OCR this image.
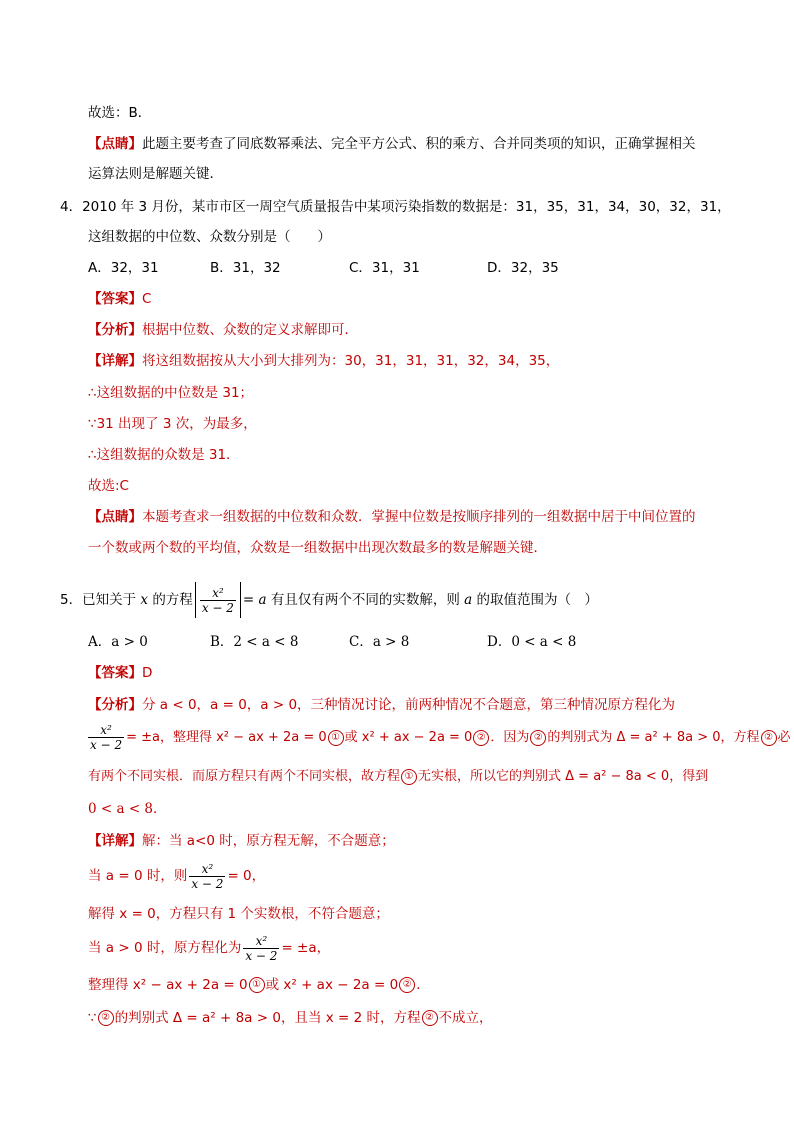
故选：B．
【点睛】此题主要考查了同底数幂乘法、完全平方公式、积的乘方、合并同类项的知识，正确掌握相关
运算法则是解题关键．
4．2010 年 3 月份，某市市区一周空气质量报告中某项污染指数的数据是：31，35，31，34，30，32，31，
这组数据的中位数、众数分别是（　　）
A．32，31	B．31，32	C．31，31	D．32，35
【答案】C
【分析】根据中位数、众数的定义求解即可．
【详解】将这组数据按从大小到大排列为：30，31，31，31，32，34，35，
∴这组数据的中位数是 31；
∵31 出现了 3 次，为最多，
∴这组数据的众数是 31．
故选:C
【点睛】本题考查求一组数据的中位数和众数．掌握中位数是按顺序排列的一组数据中居于中间位置的
一个数或两个数的平均值，众数是一组数据中出现次数最多的数是解题关键．
5．已知关于 x 的方程 $\frac{\text{x²}}{x - 2} = a$ 有且仅有两个不同的实数解，则 a 的取值范围为（　）
A．a > 0	B．2 < a < 8	C．a > 8	D．0 < a < 8
【答案】D
【分析】分 a < 0，a = 0，a > 0，三种情况讨论，前两种情况不合题意，第三种情况原方程化为
$\frac{\text{x²}}{x - 2} = \pm a$，整理得 x² − ax + 2a = 0 ① 或 x² + ax − 2a = 0 ② ．因为 ② 的判别式为 Δ = a² + 8a > 0，方程 ② 必
有两个不同实根．而原方程只有两个不同实根，故方程 ① 无实根，所以它的判别式 Δ = a² − 8a < 0，得到
0 < a < 8．
【详解】解：当 a<0 时，原方程无解，不合题意；
当 a = 0 时，则 $\frac{\text{x²}}{x - 2} = 0$，
解得 x = 0，方程只有 1 个实数根，不符合题意；
当 a > 0 时，原方程化为 $\frac{\text{x²}}{x - 2} = \pm a$，
整理得 x² − ax + 2a = 0 ① 或 x² + ax − 2a = 0 ② ．
∵ ② 的判别式 Δ = a² + 8a > 0，且当 x = 2 时，方程 ② 不成立，
